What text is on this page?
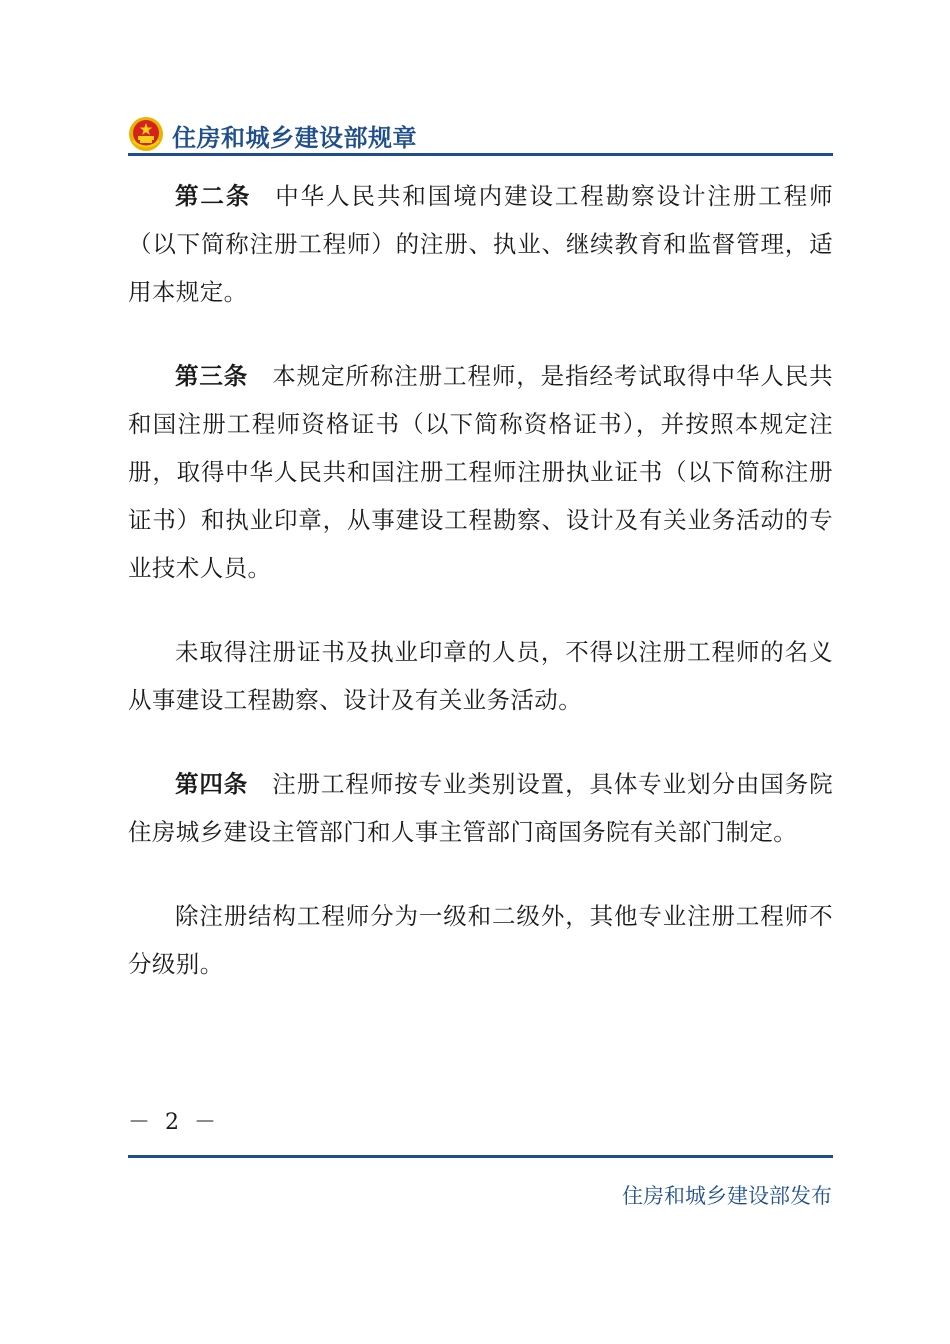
住房和城乡建设部规章

第二条 中华人民共和国境内建设工程勘察设计注册工程师（以下简称注册工程师）的注册、执业、继续教育和监督管理，适用本规定。

第三条 本规定所称注册工程师，是指经考试取得中华人民共和国注册工程师资格证书（以下简称资格证书），并按照本规定注册，取得中华人民共和国注册工程师注册执业证书（以下简称注册证书）和执业印章，从事建设工程勘察、设计及有关业务活动的专业技术人员。

未取得注册证书及执业印章的人员，不得以注册工程师的名义从事建设工程勘察、设计及有关业务活动。

第四条 注册工程师按专业类别设置，具体专业划分由国务院住房城乡建设主管部门和人事主管部门商国务院有关部门制定。

除注册结构工程师分为一级和二级外，其他专业注册工程师不分级别。

－ 2 －
住房和城乡建设部发布
